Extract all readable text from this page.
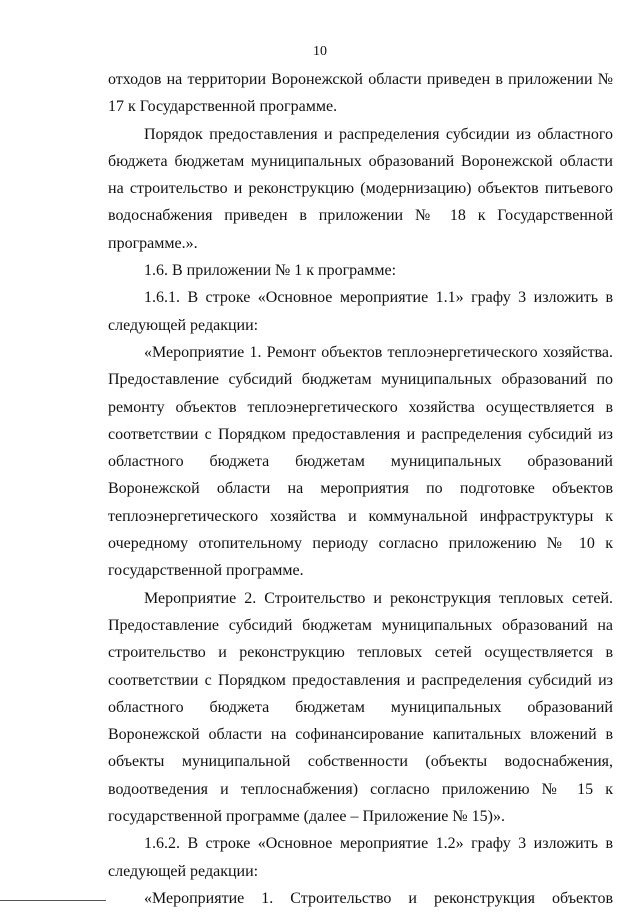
10

отходов на территории Воронежской области приведен в приложении № 17 к Государственной программе.

Порядок предоставления и распределения субсидии из областного бюджета бюджетам муниципальных образований Воронежской области на строительство и реконструкцию (модернизацию) объектов питьевого водоснабжения приведен в приложении № 18 к Государственной программе.».

1.6. В приложении № 1 к программе:

1.6.1. В строке «Основное мероприятие 1.1» графу 3 изложить в следующей редакции:

«Мероприятие 1. Ремонт объектов теплоэнергетического хозяйства. Предоставление субсидий бюджетам муниципальных образований по ремонту объектов теплоэнергетического хозяйства осуществляется в соответствии с Порядком предоставления и распределения субсидий из областного бюджета бюджетам муниципальных образований Воронежской области на мероприятия по подготовке объектов теплоэнергетического хозяйства и коммунальной инфраструктуры к очередному отопительному периоду согласно приложению № 10 к государственной программе.

Мероприятие 2. Строительство и реконструкция тепловых сетей. Предоставление субсидий бюджетам муниципальных образований на строительство и реконструкцию тепловых сетей осуществляется в соответствии с Порядком предоставления и распределения субсидий из областного бюджета бюджетам муниципальных образований Воронежской области на софинансирование капитальных вложений в объекты муниципальной собственности (объекты водоснабжения, водоотведения и теплоснабжения) согласно приложению № 15 к государственной программе (далее – Приложение № 15)».

1.6.2. В строке «Основное мероприятие 1.2» графу 3 изложить в следующей редакции:

«Мероприятие 1. Строительство и реконструкция объектов
